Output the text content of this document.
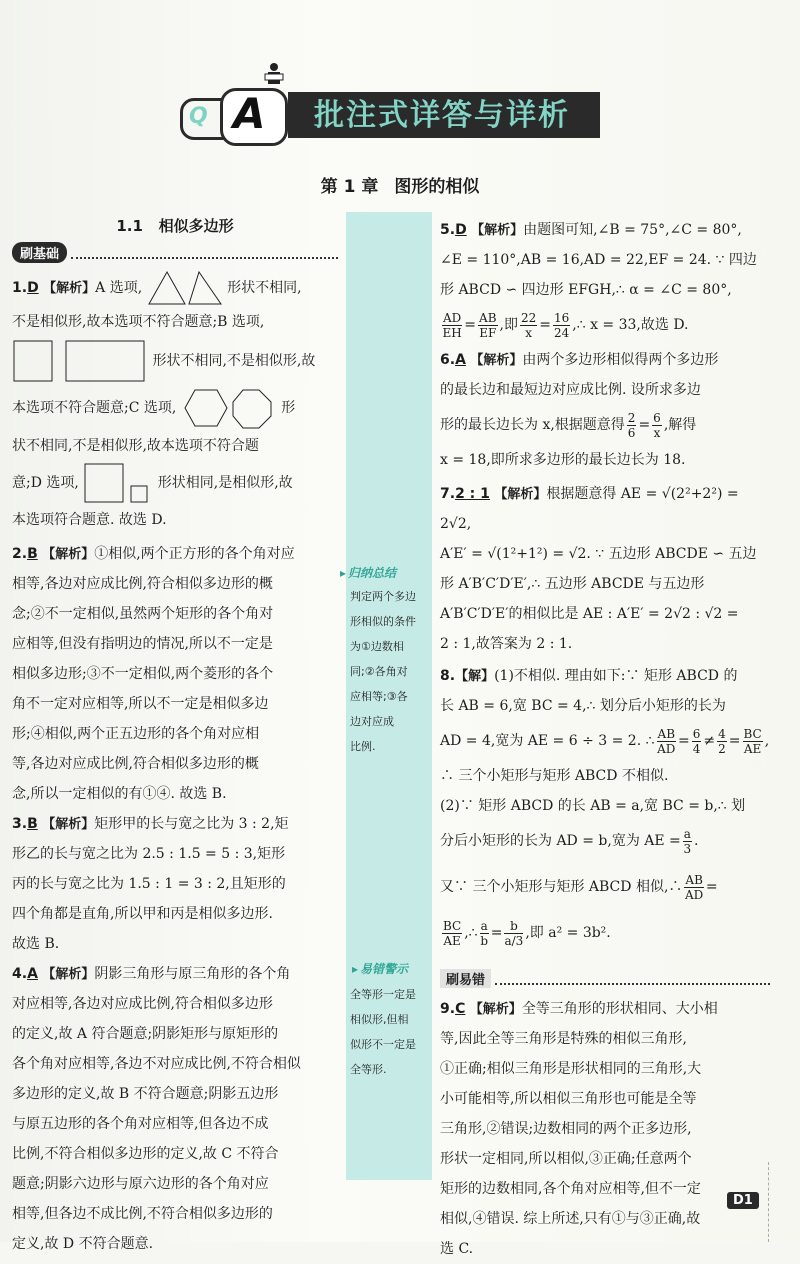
Q A	批注式详答与详析
第 1 章 图形的相似
▸ 归纳总结
判定两个多边
形相似的条件
为①边数相
同;②各角对
应相等;③各
边对应成
比例.
▸ 易错警示
全等形一定是
相似形,但相
似形不一定是
全等形.
1.1 相似多边形
刷基础

1.D 【解析】A 选项,	形状不相同,

不是相似形,故本选项不符合题意;B 选项,

形状不相同,不是相似形,故

本选项不符合题意;C 选项,	形

状不相同,不是相似形,故本选项不符合题

意;D 选项,	形状相同,是相似形,故

本选项符合题意. 故选 D.

2.B 【解析】①相似,两个正方形的各个角对应

相等,各边对应成比例,符合相似多边形的概

念;②不一定相似,虽然两个矩形的各个角对

应相等,但没有指明边的情况,所以不一定是

相似多边形;③不一定相似,两个菱形的各个

角不一定对应相等,所以不一定是相似多边

形;④相似,两个正五边形的各个角对应相

等,各边对应成比例,符合相似多边形的概

念,所以一定相似的有①④. 故选 B.

3.B 【解析】矩形甲的长与宽之比为 3 : 2,矩

形乙的长与宽之比为 2.5 : 1.5 = 5 : 3,矩形

丙的长与宽之比为 1.5 : 1 = 3 : 2,且矩形的

四个角都是直角,所以甲和丙是相似多边形.

故选 B.

4.A 【解析】阴影三角形与原三角形的各个角

对应相等,各边对应成比例,符合相似多边形

的定义,故 A 符合题意;阴影矩形与原矩形的

各个角对应相等,各边不对应成比例,不符合相似

多边形的定义,故 B 不符合题意;阴影五边形

与原五边形的各个角对应相等,但各边不成

比例,不符合相似多边形的定义,故 C 不符合

题意;阴影六边形与原六边形的各个角对应

相等,但各边不成比例,不符合相似多边形的

定义,故 D 不符合题意.

5.D 【解析】由题图可知,∠B = 75°,∠C = 80°,

∠E = 110°,AB = 16,AD = 22,EF = 24. ∵ 四边

形 ABCD ∽ 四边形 EFGH,∴ α = ∠C = 80°,

$\frac{AD}{EH} = \frac{AB}{EF}$ ,即 $\frac{22}{x} = \frac{16}{24}$ ,∴ x = 33,故选 D.

6.A 【解析】由两个多边形相似得两个多边形

的最长边和最短边对应成比例. 设所求多边

形的最长边长为 x,根据题意得 $\frac{2}{6} = \frac{6}{x}$ ,解得

x = 18,即所求多边形的最长边长为 18.

7.2 : 1 【解析】根据题意得 AE = √(2²+2²) = 2√2,

A′E′ = √(1²+1²) = √2. ∵ 五边形 ABCDE ∽ 五边

形 A′B′C′D′E′,∴ 五边形 ABCDE 与五边形

A′B′C′D′E′的相似比是 AE : A′E′ = 2√2 : √2 =

2 : 1,故答案为 2 : 1.

8.【解】(1)不相似. 理由如下:∵ 矩形 ABCD 的

长 AB = 6,宽 BC = 4,∴ 划分后小矩形的长为

AD = 4,宽为 AE = 6 ÷ 3 = 2. ∴ $\frac{AB}{AD} = \frac{6}{4} \ne \frac{4}{2} = \frac{BC}{AE}$ ,

∴ 三个小矩形与矩形 ABCD 不相似.

(2)∵ 矩形 ABCD 的长 AB = a,宽 BC = b,∴ 划

分后小矩形的长为 AD = b,宽为 AE = $\frac{a}{3}$ .

又∵ 三个小矩形与矩形 ABCD 相似,∴ $\frac{AB}{AD}$ =

$\frac{BC}{AE}$ ,∴ $\frac{a}{b} = \frac{b}{a/3}$ ,即 a² = 3b².

刷易错

9.C 【解析】全等三角形的形状相同、大小相

等,因此全等三角形是特殊的相似三角形,

①正确;相似三角形是形状相同的三角形,大

小可能相等,所以相似三角形也可能是全等

三角形,②错误;边数相同的两个正多边形,

形状一定相同,所以相似,③正确;任意两个

矩形的边数相同,各个角对应相等,但不一定

相似,④错误. 综上所述,只有①与③正确,故

选 C.

D1
